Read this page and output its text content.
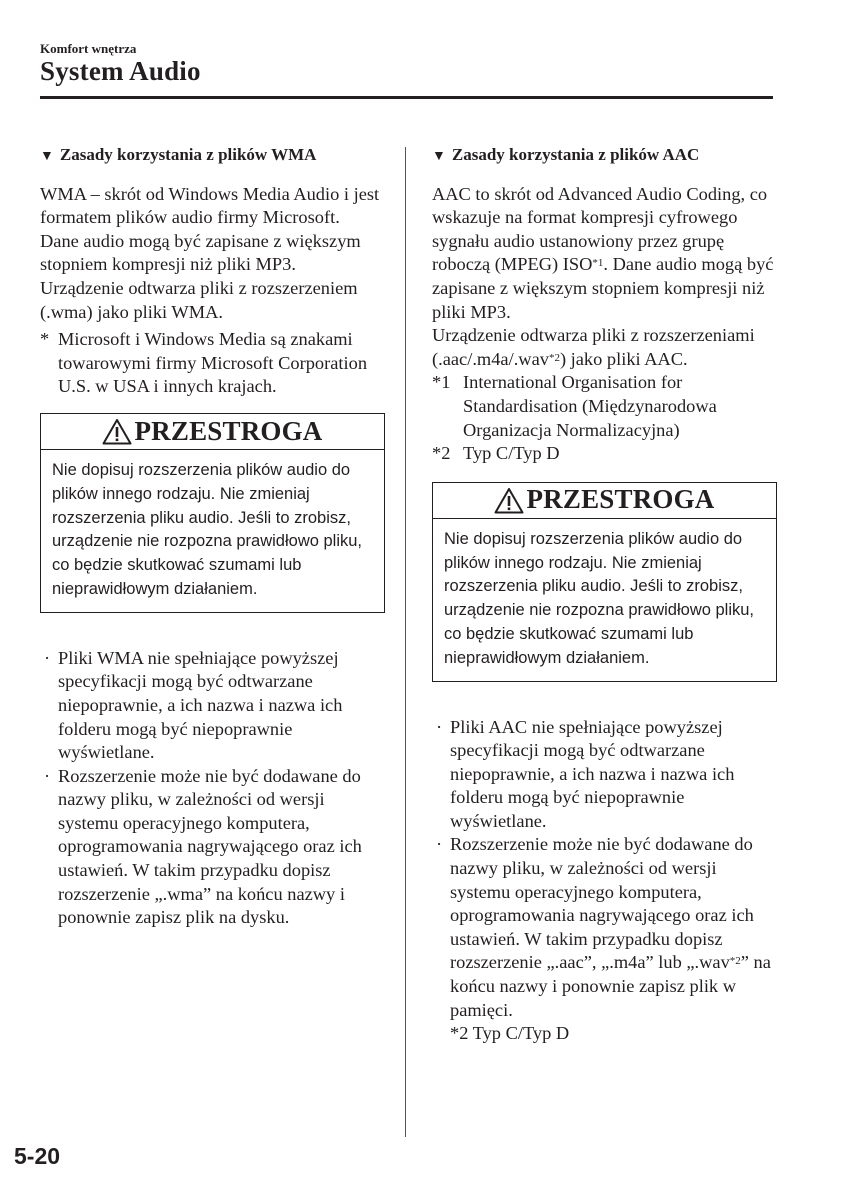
Komfort wnętrza
System Audio
▼ Zasady korzystania z plików WMA

WMA – skrót od Windows Media Audio i jest formatem plików audio firmy Microsoft.

Dane audio mogą być zapisane z większym stopniem kompresji niż pliki MP3.

Urządzenie odtwarza pliki z rozszerzeniem (.wma) jako pliki WMA.

* Microsoft i Windows Media są znakami towarowymi firmy Microsoft Corporation U.S. w USA i innych krajach.
PRZESTROGA
Nie dopisuj rozszerzenia plików audio do plików innego rodzaju. Nie zmieniaj rozszerzenia pliku audio. Jeśli to zrobisz, urządzenie nie rozpozna prawidłowo pliku, co będzie skutkować szumami lub nieprawidłowym działaniem.
· Pliki WMA nie spełniające powyższej specyfikacji mogą być odtwarzane niepoprawnie, a ich nazwa i nazwa ich folderu mogą być niepoprawnie wyświetlane.
· Rozszerzenie może nie być dodawane do nazwy pliku, w zależności od wersji systemu operacyjnego komputera, oprogramowania nagrywającego oraz ich ustawień. W takim przypadku dopisz rozszerzenie „.wma” na końcu nazwy i ponownie zapisz plik na dysku.
▼ Zasady korzystania z plików AAC

AAC to skrót od Advanced Audio Coding, co wskazuje na format kompresji cyfrowego sygnału audio ustanowiony przez grupę roboczą (MPEG) ISO$^{*1}$. Dane audio mogą być zapisane z większym stopniem kompresji niż pliki MP3.

Urządzenie odtwarza pliki z rozszerzeniami (.aac/.m4a/.wav$^{*2}$) jako pliki AAC.

*1 International Organisation for Standardisation (Międzynarodowa Organizacja Normalizacyjna)
*2 Typ C/Typ D
PRZESTROGA
Nie dopisuj rozszerzenia plików audio do plików innego rodzaju. Nie zmieniaj rozszerzenia pliku audio. Jeśli to zrobisz, urządzenie nie rozpozna prawidłowo pliku, co będzie skutkować szumami lub nieprawidłowym działaniem.
· Pliki AAC nie spełniające powyższej specyfikacji mogą być odtwarzane niepoprawnie, a ich nazwa i nazwa ich folderu mogą być niepoprawnie wyświetlane.
· Rozszerzenie może nie być dodawane do nazwy pliku, w zależności od wersji systemu operacyjnego komputera, oprogramowania nagrywającego oraz ich ustawień. W takim przypadku dopisz rozszerzenie „.aac”, „.m4a” lub „.wav$^{*2}$” na końcu nazwy i ponownie zapisz plik w pamięci.
*2 Typ C/Typ D
5-20
